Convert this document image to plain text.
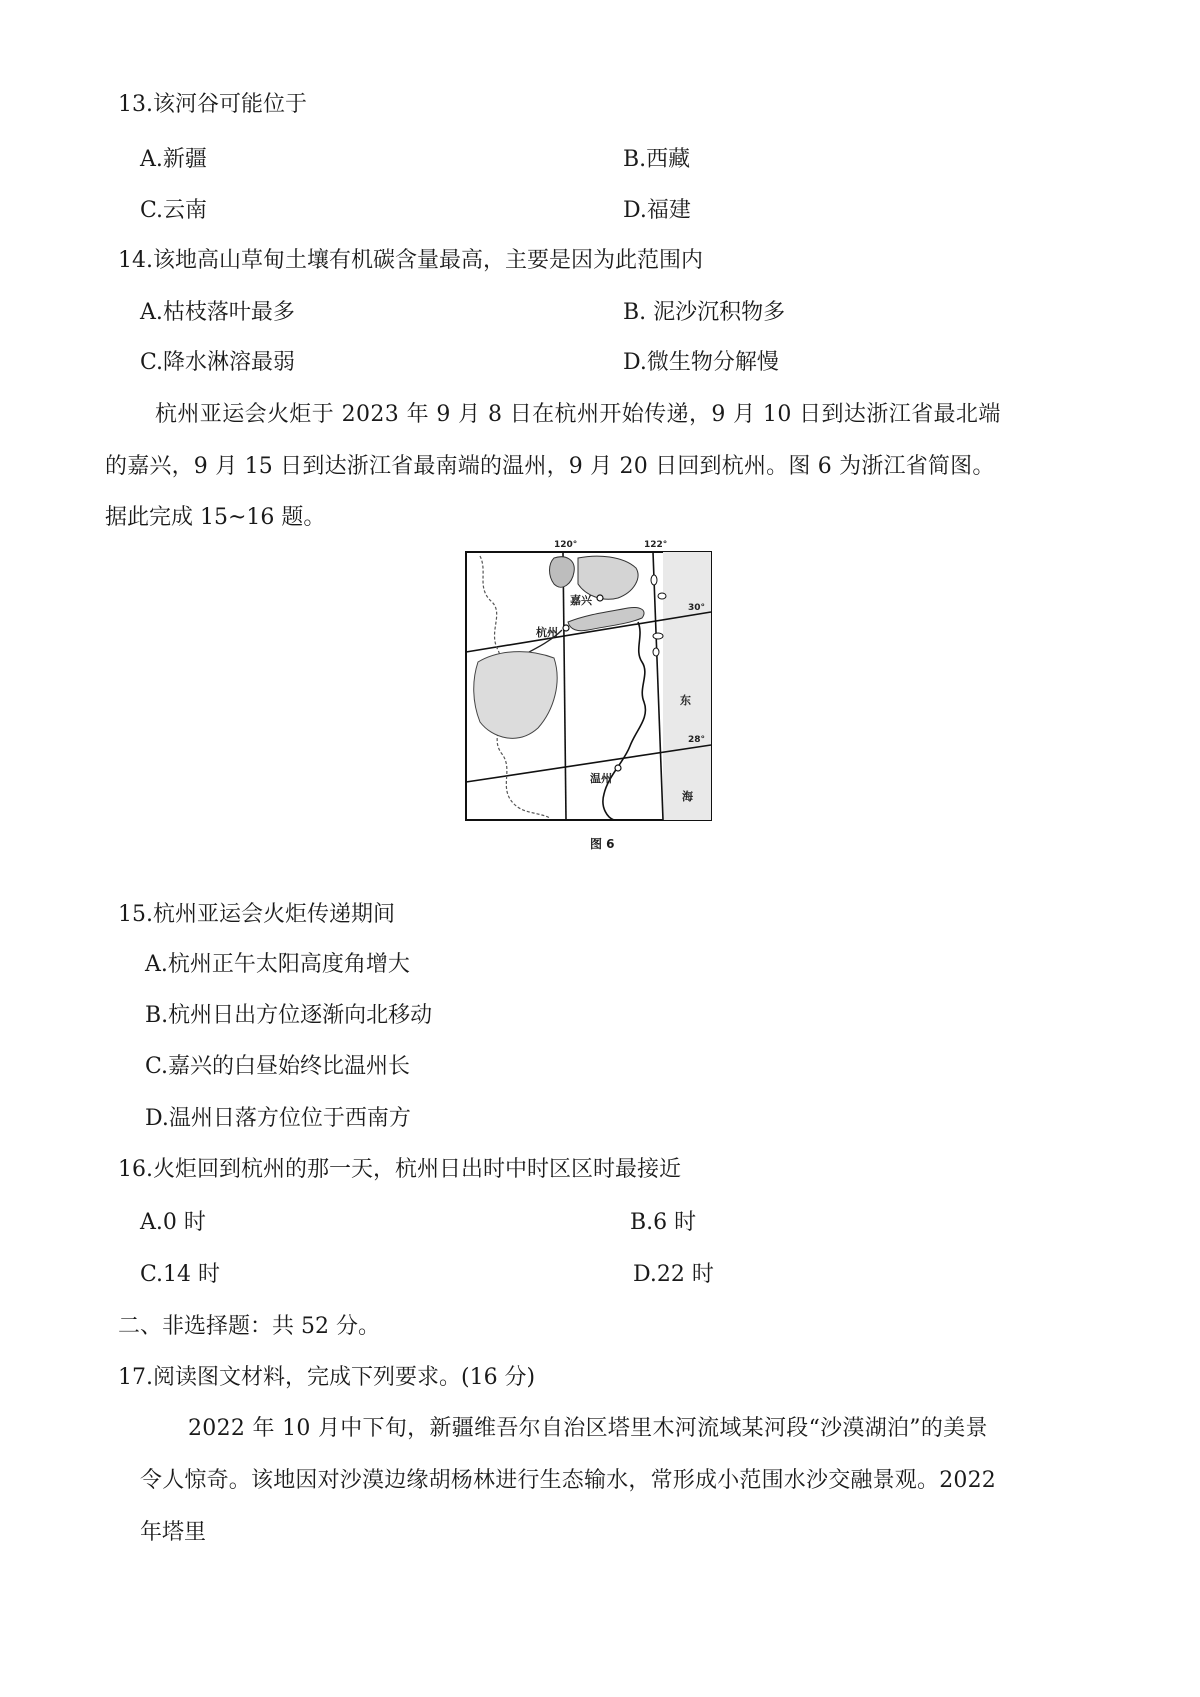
13.该河谷可能位于
A.新疆	B.西藏
C.云南	D.福建
14.该地高山草甸土壤有机碳含量最高，主要是因为此范围内
A.枯枝落叶最多	B. 泥沙沉积物多
C.降水淋溶最弱	D.微生物分解慢
杭州亚运会火炬于 2023 年 9 月 8 日在杭州开始传递，9 月 10 日到达浙江省最北端
的嘉兴，9 月 15 日到达浙江省最南端的温州，9 月 20 日回到杭州。图 6 为浙江省简图。
据此完成 15~16 题。
120°	122°
30°
28°
嘉兴
杭州
温州
东
海
图 6
15.杭州亚运会火炬传递期间
A.杭州正午太阳高度角增大
B.杭州日出方位逐渐向北移动
C.嘉兴的白昼始终比温州长
D.温州日落方位位于西南方
16.火炬回到杭州的那一天，杭州日出时中时区区时最接近
A.0 时	B.6 时
C.14 时	D.22 时
二、非选择题：共 52 分。
17.阅读图文材料，完成下列要求。(16 分)
2022 年 10 月中下旬，新疆维吾尔自治区塔里木河流域某河段“沙漠湖泊”的美景
令人惊奇。该地因对沙漠边缘胡杨林进行生态输水，常形成小范围水沙交融景观。2022
年塔里
